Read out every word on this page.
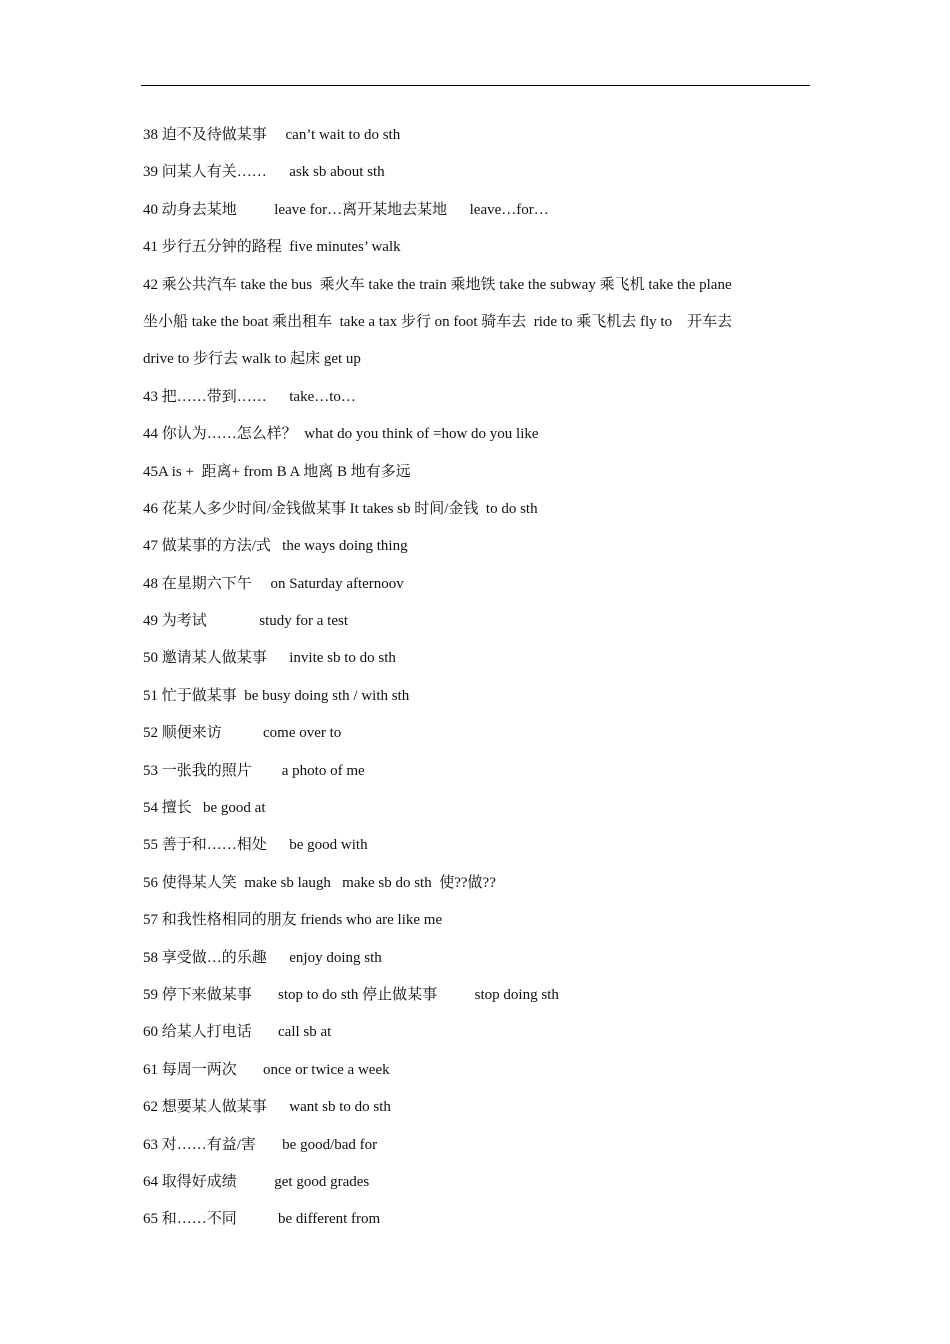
38 迫不及待做某事     can’t wait to do sth
39 问某人有关……      ask sb about sth
40 动身去某地          leave for…离开某地去某地      leave…for…
41 步行五分钟的路程  five minutes’ walk
42 乘公共汽车 take the bus  乘火车 take the train 乘地铁 take the subway 乘飞机 take the plane
坐小船 take the boat 乘出租车  take a tax 步行 on foot 骑车去  ride to 乘飞机去 fly to    开车去
drive to 步行去 walk to 起床 get up
43 把……带到……      take…to…
44 你认为……怎么样？  what do you think of =how do you like
45A is +  距离+ from B A 地离 B 地有多远
46 花某人多少时间/金钱做某事 It takes sb 时间/金钱  to do sth
47 做某事的方法/式   the ways doing thing
48 在星期六下午     on Saturday afternoov
49 为考试              study for a test
50 邀请某人做某事      invite sb to do sth
51 忙于做某事  be busy doing sth / with sth
52 顺便来访           come over to
53 一张我的照片        a photo of me
54 擅长   be good at
55 善于和……相处      be good with
56 使得某人笑  make sb laugh   make sb do sth  使??做??
57 和我性格相同的朋友 friends who are like me
58 享受做…的乐趣      enjoy doing sth
59 停下来做某事       stop to do sth 停止做某事          stop doing sth
60 给某人打电话       call sb at
61 每周一两次       once or twice a week
62 想要某人做某事      want sb to do sth
63 对……有益/害       be good/bad for
64 取得好成绩          get good grades
65 和……不同           be different from
